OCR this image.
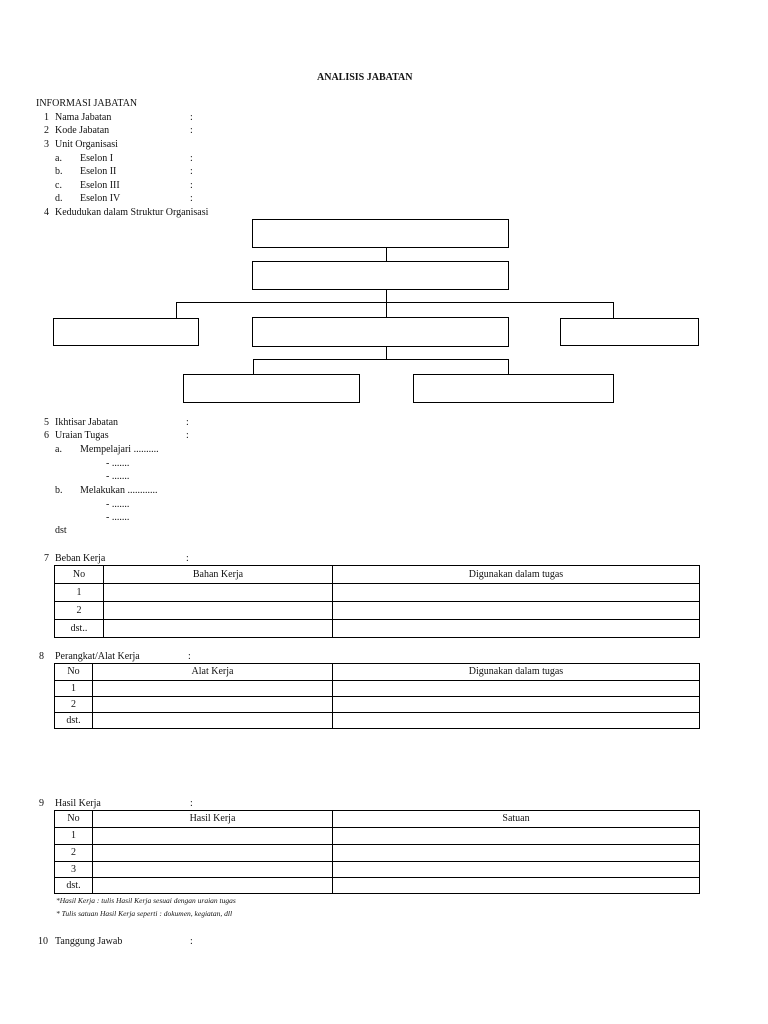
ANALISIS JABATAN
INFORMASI JABATAN
1 Nama Jabatan	:
2 Kode Jabatan	:
3 Unit Organisasi
a. Eselon I	:
b. Eselon II	:
c. Eselon III	:
d. Eselon IV	:
4 Kedudukan dalam Struktur Organisasi
5 Ikhtisar Jabatan	:
6 Uraian Tugas	:
a. Mempelajari ..........
- .......
- .......
b. Melakukan ............
- .......
- .......
dst
7 Beban Kerja	:
No	Bahan Kerja	Digunakan dalam tugas
1		
2		
dst..		
8 Perangkat/Alat Kerja	:
No	Alat Kerja	Digunakan dalam tugas
1		
2		
dst.		
9 Hasil Kerja	:
No	Hasil Kerja	Satuan
1		
2		
3		
dst.		
*Hasil Kerja : tulis Hasil Kerja sesuai dengan uraian tugas
* Tulis satuan Hasil Kerja seperti : dokumen, kegiatan, dll
10 Tanggung Jawab	:
